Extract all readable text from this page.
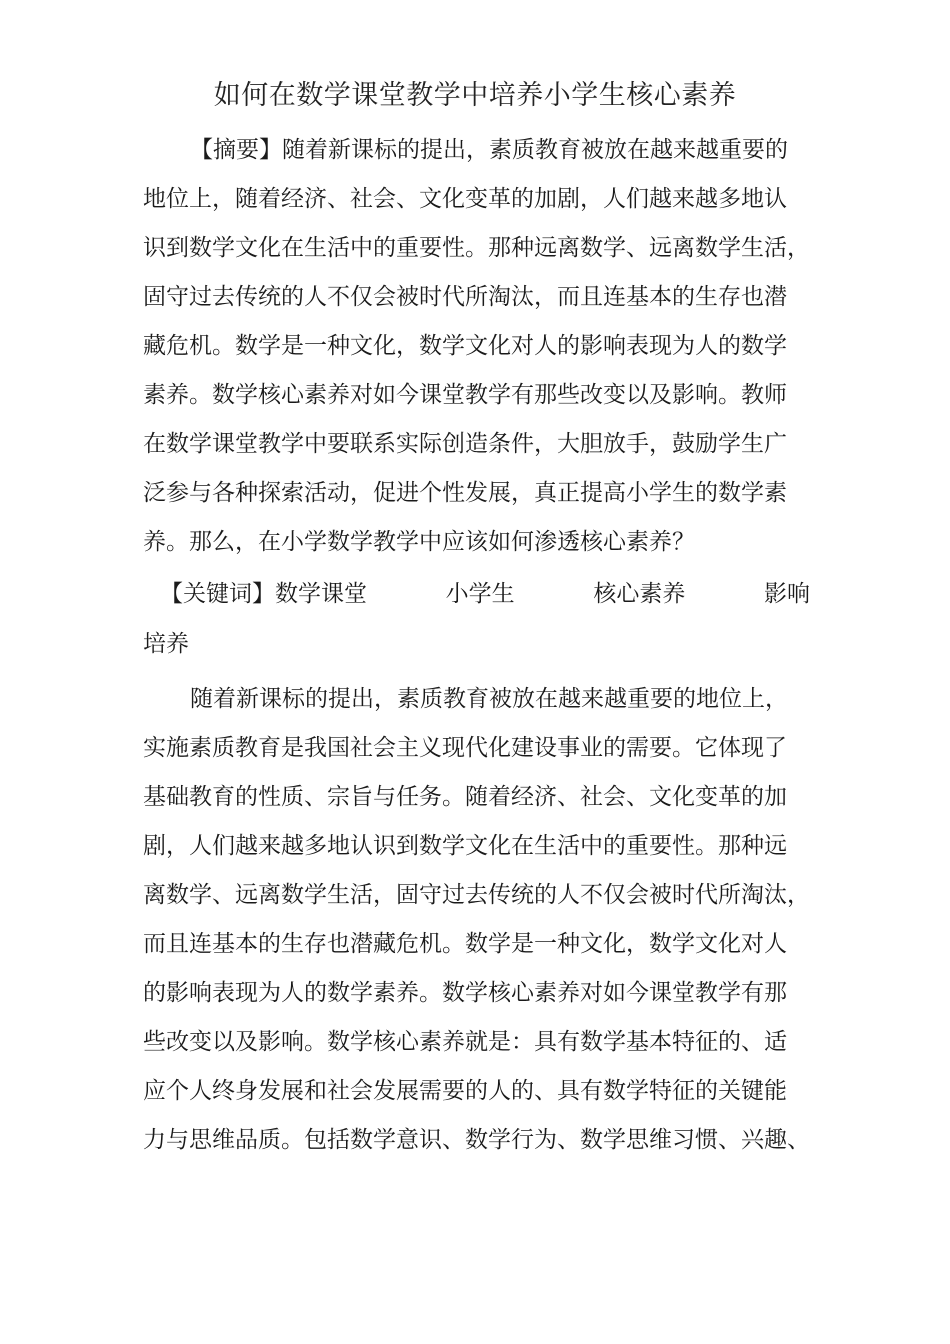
如何在数学课堂教学中培养小学生核心素养
【摘要】随着新课标的提出，素质教育被放在越来越重要的
地位上，随着经济、社会、文化变革的加剧，人们越来越多地认
识到数学文化在生活中的重要性。那种远离数学、远离数学生活，
固守过去传统的人不仅会被时代所淘汰，而且连基本的生存也潜
藏危机。数学是一种文化，数学文化对人的影响表现为人的数学
素养。数学核心素养对如今课堂教学有那些改变以及影响。教师
在数学课堂教学中要联系实际创造条件，大胆放手，鼓励学生广
泛参与各种探索活动，促进个性发展，真正提高小学生的数学素
养。那么，在小学数学教学中应该如何渗透核心素养？
【关键词】数学课堂	小学生	核心素养	影响
培养
随着新课标的提出，素质教育被放在越来越重要的地位上，
实施素质教育是我国社会主义现代化建设事业的需要。它体现了
基础教育的性质、宗旨与任务。随着经济、社会、文化变革的加
剧，人们越来越多地认识到数学文化在生活中的重要性。那种远
离数学、远离数学生活，固守过去传统的人不仅会被时代所淘汰，
而且连基本的生存也潜藏危机。数学是一种文化，数学文化对人
的影响表现为人的数学素养。数学核心素养对如今课堂教学有那
些改变以及影响。数学核心素养就是：具有数学基本特征的、适
应个人终身发展和社会发展需要的人的、具有数学特征的关键能
力与思维品质。包括数学意识、数学行为、数学思维习惯、兴趣、
